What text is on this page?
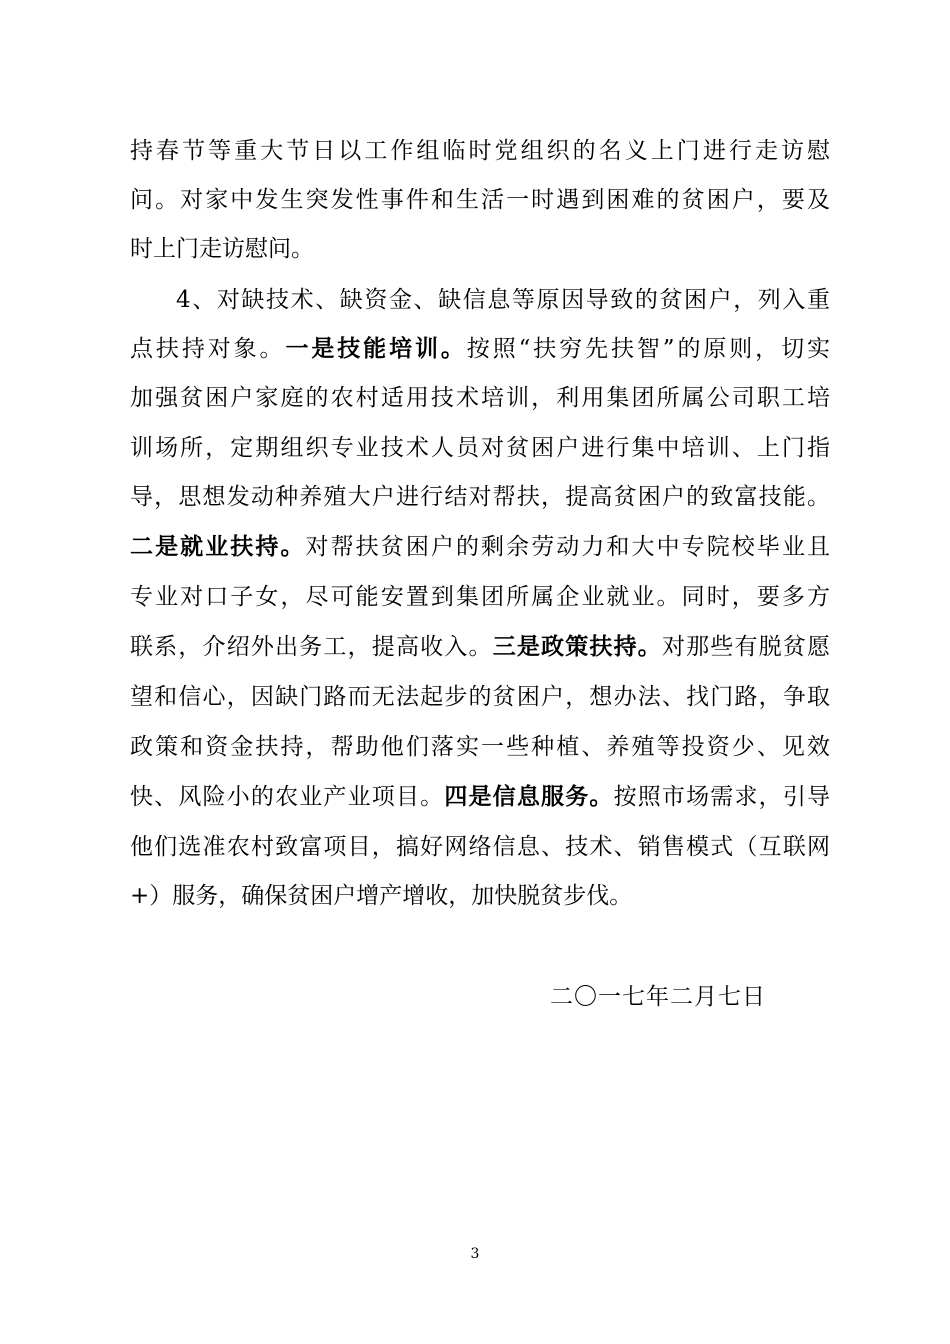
持春节等重大节日以工作组临时党组织的名义上门进行走访慰
问。对家中发生突发性事件和生活一时遇到困难的贫困户，要及
时上门走访慰问。
4、对缺技术、缺资金、缺信息等原因导致的贫困户，列入重
点扶持对象。一是技能培训。按照“扶穷先扶智”的原则，切实
加强贫困户家庭的农村适用技术培训，利用集团所属公司职工培
训场所，定期组织专业技术人员对贫困户进行集中培训、上门指
导，思想发动种养殖大户进行结对帮扶，提高贫困户的致富技能。
二是就业扶持。对帮扶贫困户的剩余劳动力和大中专院校毕业且
专业对口子女，尽可能安置到集团所属企业就业。同时，要多方
联系，介绍外出务工，提高收入。三是政策扶持。对那些有脱贫愿
望和信心，因缺门路而无法起步的贫困户，想办法、找门路，争取
政策和资金扶持，帮助他们落实一些种植、养殖等投资少、见效
快、风险小的农业产业项目。四是信息服务。按照市场需求，引导
他们选准农村致富项目，搞好网络信息、技术、销售模式（互联网
+）服务，确保贫困户增产增收，加快脱贫步伐。
二〇一七年二月七日
3
